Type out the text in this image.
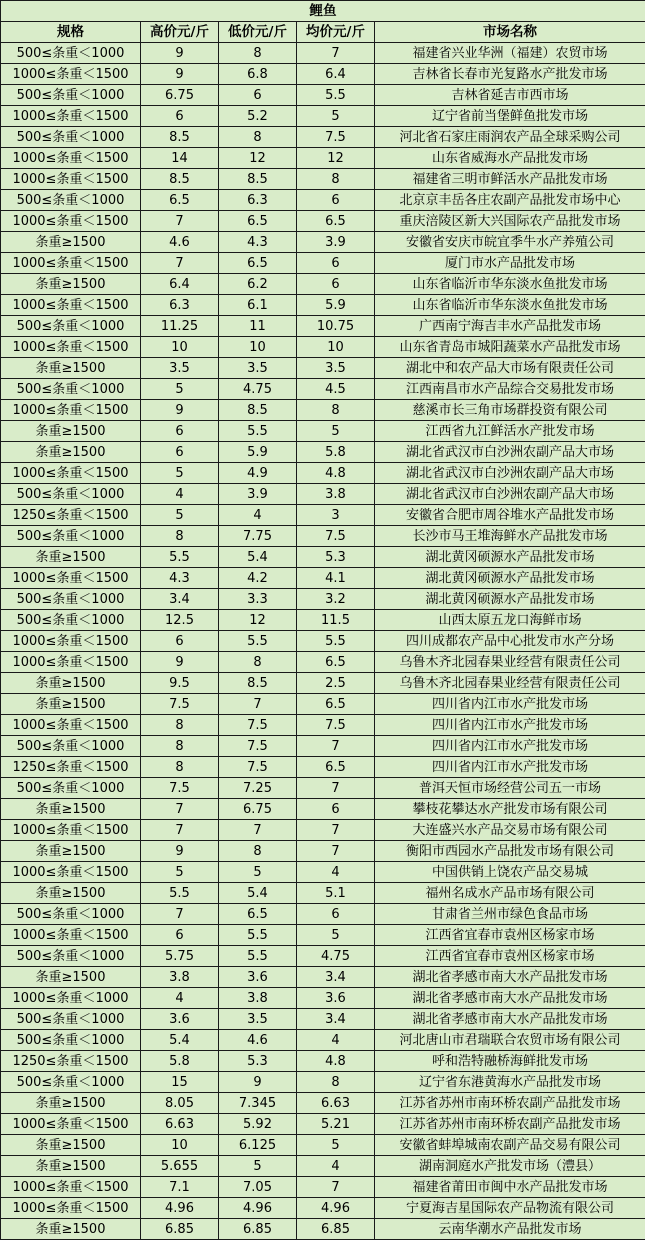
鲤鱼				
规格	高价元/斤	低价元/斤	均价元/斤	市场名称
500≤条重＜1000	9	8	7	福建省兴业华洲（福建）农贸市场
1000≤条重＜1500	9	6.8	6.4	吉林省长春市光复路水产批发市场
500≤条重＜1000	6.75	6	5.5	吉林省延吉市西市场
1000≤条重＜1500	6	5.2	5	辽宁省前当堡鲜鱼批发市场
500≤条重＜1000	8.5	8	7.5	河北省石家庄雨润农产品全球采购公司
1000≤条重＜1500	14	12	12	山东省威海水产品批发市场
1000≤条重＜1500	8.5	8.5	8	福建省三明市鲜活水产品批发市场
500≤条重＜1000	6.5	6.3	6	北京京丰岳各庄农副产品批发市场中心
1000≤条重＜1500	7	6.5	6.5	重庆涪陵区新大兴国际农产品批发市场
条重≥1500	4.6	4.3	3.9	安徽省安庆市皖宜季牛水产养殖公司
1000≤条重＜1500	7	6.5	6	厦门市水产品批发市场
条重≥1500	6.4	6.2	6	山东省临沂市华东淡水鱼批发市场
1000≤条重＜1500	6.3	6.1	5.9	山东省临沂市华东淡水鱼批发市场
500≤条重＜1000	11.25	11	10.75	广西南宁海吉丰水产品批发市场
1000≤条重＜1500	10	10	10	山东省青岛市城阳蔬菜水产品批发市场
条重≥1500	3.5	3.5	3.5	湖北中和农产品大市场有限责任公司
500≤条重＜1000	5	4.75	4.5	江西南昌市水产品综合交易批发市场
1000≤条重＜1500	9	8.5	8	慈溪市长三角市场群投资有限公司
条重≥1500	6	5.5	5	江西省九江鲜活水产批发市场
条重≥1500	6	5.9	5.8	湖北省武汉市白沙洲农副产品大市场
1000≤条重＜1500	5	4.9	4.8	湖北省武汉市白沙洲农副产品大市场
500≤条重＜1000	4	3.9	3.8	湖北省武汉市白沙洲农副产品大市场
1250≤条重＜1500	5	4	3	安徽省合肥市周谷堆水产品批发市场
500≤条重＜1000	8	7.75	7.5	长沙市马王堆海鲜水产品批发市场
条重≥1500	5.5	5.4	5.3	湖北黄冈硕源水产品批发市场
1000≤条重＜1500	4.3	4.2	4.1	湖北黄冈硕源水产品批发市场
500≤条重＜1000	3.4	3.3	3.2	湖北黄冈硕源水产品批发市场
500≤条重＜1000	12.5	12	11.5	山西太原五龙口海鲜市场
1000≤条重＜1500	6	5.5	5.5	四川成都农产品中心批发市水产分场
1000≤条重＜1500	9	8	6.5	乌鲁木齐北园春果业经营有限责任公司
条重≥1500	9.5	8.5	2.5	乌鲁木齐北园春果业经营有限责任公司
条重≥1500	7.5	7	6.5	四川省内江市水产批发市场
1000≤条重＜1500	8	7.5	7.5	四川省内江市水产批发市场
500≤条重＜1000	8	7.5	7	四川省内江市水产批发市场
1250≤条重＜1500	8	7.5	6.5	四川省内江市水产批发市场
500≤条重＜1000	7.5	7.25	7	普洱天恒市场经营公司五一市场
条重≥1500	7	6.75	6	攀枝花攀达水产批发市场有限公司
1000≤条重＜1500	7	7	7	大连盛兴水产品交易市场有限公司
条重≥1500	9	8	7	衡阳市西园水产品批发市场有限公司
1000≤条重＜1500	5	5	4	中国供销上饶农产品交易城
条重≥1500	5.5	5.4	5.1	福州名成水产品市场有限公司
500≤条重＜1000	7	6.5	6	甘肃省兰州市绿色食品市场
1000≤条重＜1500	6	5.5	5	江西省宜春市袁州区杨家市场
500≤条重＜1000	5.75	5.5	4.75	江西省宜春市袁州区杨家市场
条重≥1500	3.8	3.6	3.4	湖北省孝感市南大水产品批发市场
1000≤条重＜1000	4	3.8	3.6	湖北省孝感市南大水产品批发市场
500≤条重＜1000	3.6	3.5	3.4	湖北省孝感市南大水产品批发市场
500≤条重＜1000	5.4	4.6	4	河北唐山市君瑞联合农贸市场有限公司
1250≤条重＜1500	5.8	5.3	4.8	呼和浩特融桥海鲜批发市场
500≤条重＜1000	15	9	8	辽宁省东港黄海水产品批发市场
条重≥1500	8.05	7.345	6.63	江苏省苏州市南环桥农副产品批发市场
1000≤条重＜1500	6.63	5.92	5.21	江苏省苏州市南环桥农副产品批发市场
条重≥1500	10	6.125	5	安徽省蚌埠城南农副产品交易有限公司
条重≥1500	5.655	5	4	湖南洞庭水产批发市场（澧县）
1000≤条重＜1500	7.1	7.05	7	福建省莆田市闽中水产品批发市场
1000≤条重＜1500	4.96	4.96	4.96	宁夏海吉星国际农产品物流有限公司
条重≥1500	6.85	6.85	6.85	云南华潮水产品批发市场
